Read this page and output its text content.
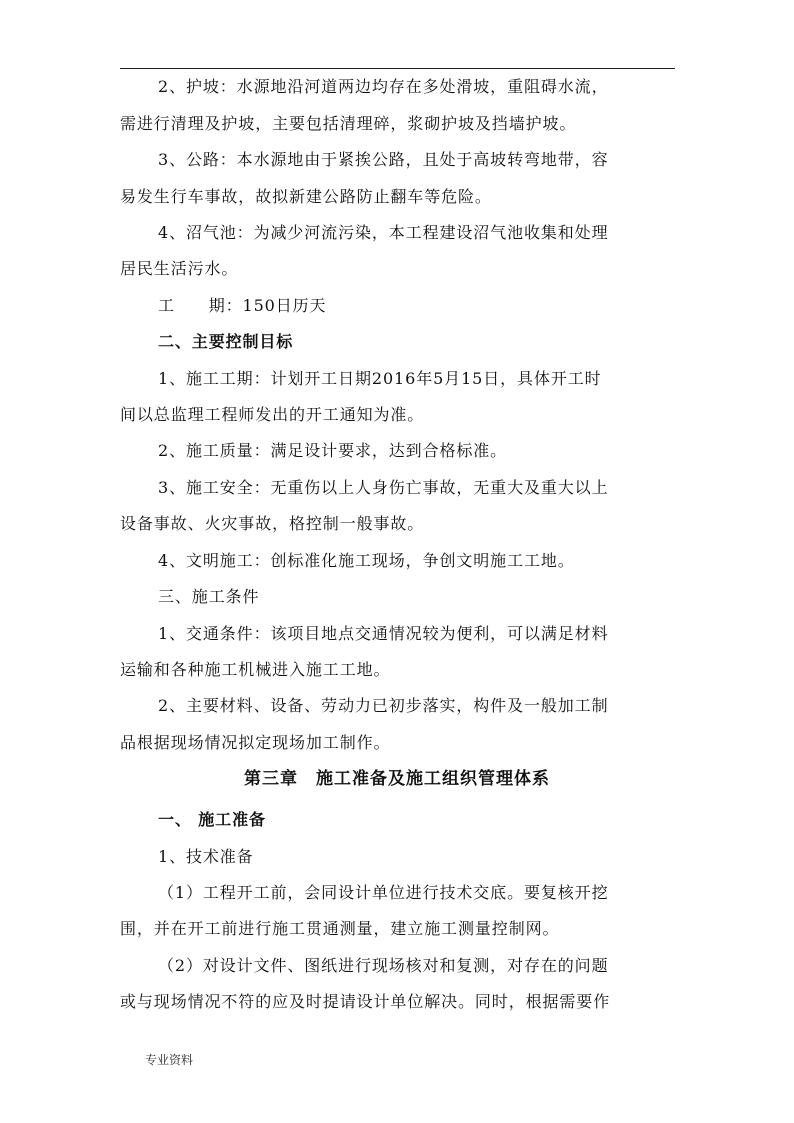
2、护坡：水源地沿河道两边均存在多处滑坡，重阻碍水流，
需进行清理及护坡，主要包括清理碎，浆砌护坡及挡墙护坡。
3、公路：本水源地由于紧挨公路，且处于高坡转弯地带，容
易发生行车事故，故拟新建公路防止翻车等危险。
4、沼气池：为减少河流污染，本工程建设沼气池收集和处理
居民生活污水。
工　　期：150日历天
二、主要控制目标
1、施工工期：计划开工日期2016年5月15日，具体开工时
间以总监理工程师发出的开工通知为准。
2、施工质量：满足设计要求，达到合格标准。
3、施工安全：无重伤以上人身伤亡事故，无重大及重大以上
设备事故、火灾事故，格控制一般事故。
4、文明施工：创标准化施工现场，争创文明施工工地。
三、施工条件
1、交通条件：该项目地点交通情况较为便利，可以满足材料
运输和各种施工机械进入施工工地。
2、主要材料、设备、劳动力已初步落实，构件及一般加工制
品根据现场情况拟定现场加工制作。
第三章　施工准备及施工组织管理体系
一、 施工准备
1、技术准备
（1）工程开工前，会同设计单位进行技术交底。要复核开挖
围，并在开工前进行施工贯通测量，建立施工测量控制网。
（2）对设计文件、图纸进行现场核对和复测，对存在的问题
或与现场情况不符的应及时提请设计单位解决。同时，根据需要作
专业资料
